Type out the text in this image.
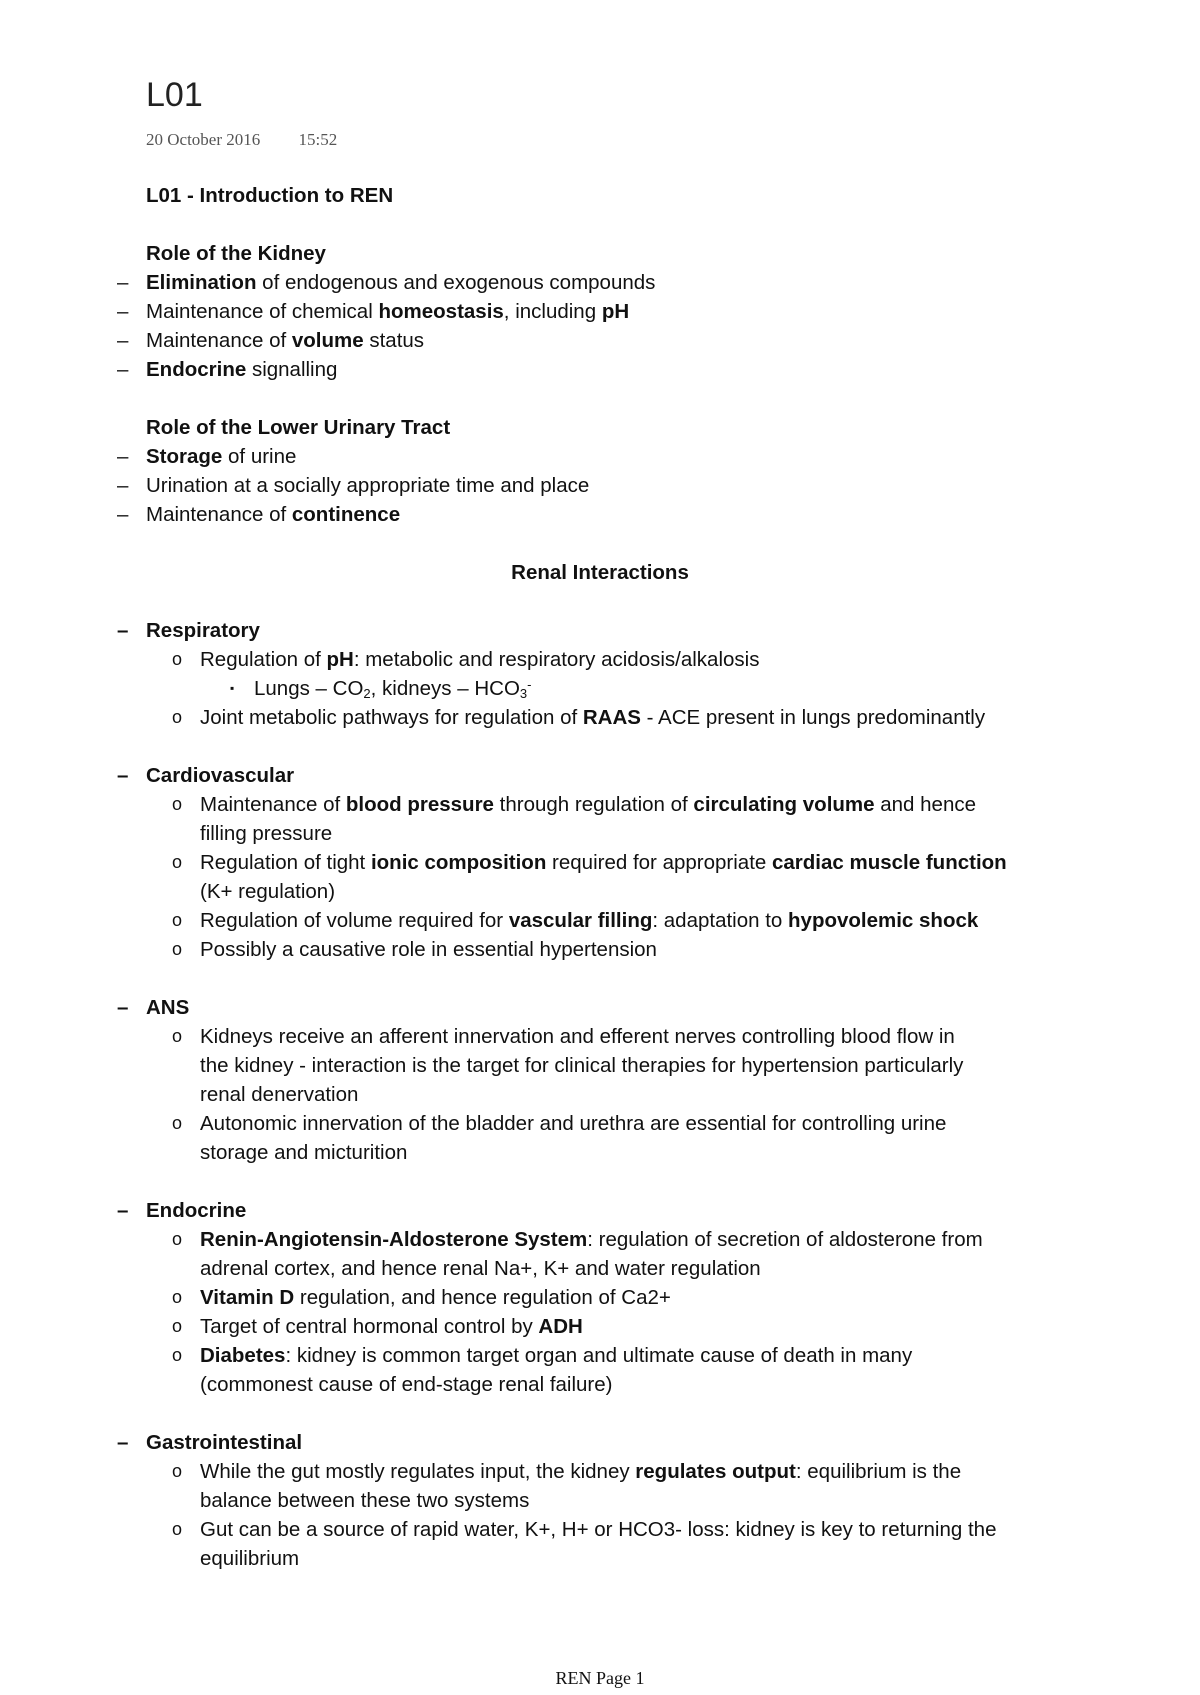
L01
20 October 2016 15:52
L01 - Introduction to REN
Role of the Kidney
– Elimination of endogenous and exogenous compounds
– Maintenance of chemical homeostasis, including pH
– Maintenance of volume status
– Endocrine signalling
Role of the Lower Urinary Tract
– Storage of urine
– Urination at a socially appropriate time and place
– Maintenance of continence
Renal Interactions
– Respiratory
o Regulation of pH: metabolic and respiratory acidosis/alkalosis
▪ Lungs – $CO_2$, kidneys – $HCO_3^-$
o Joint metabolic pathways for regulation of RAAS - ACE present in lungs predominantly
– Cardiovascular
o Maintenance of blood pressure through regulation of circulating volume and hence
filling pressure
o Regulation of tight ionic composition required for appropriate cardiac muscle function
(K+ regulation)
o Regulation of volume required for vascular filling: adaptation to hypovolemic shock
o Possibly a causative role in essential hypertension
– ANS
o Kidneys receive an afferent innervation and efferent nerves controlling blood flow in
the kidney - interaction is the target for clinical therapies for hypertension particularly
renal denervation
o Autonomic innervation of the bladder and urethra are essential for controlling urine
storage and micturition
– Endocrine
o Renin-Angiotensin-Aldosterone System: regulation of secretion of aldosterone from
adrenal cortex, and hence renal Na+, K+ and water regulation
o Vitamin D regulation, and hence regulation of Ca2+
o Target of central hormonal control by ADH
o Diabetes: kidney is common target organ and ultimate cause of death in many
(commonest cause of end-stage renal failure)
– Gastrointestinal
o While the gut mostly regulates input, the kidney regulates output: equilibrium is the
balance between these two systems
o Gut can be a source of rapid water, K+, H+ or HCO3- loss: kidney is key to returning the
equilibrium
REN Page 1
